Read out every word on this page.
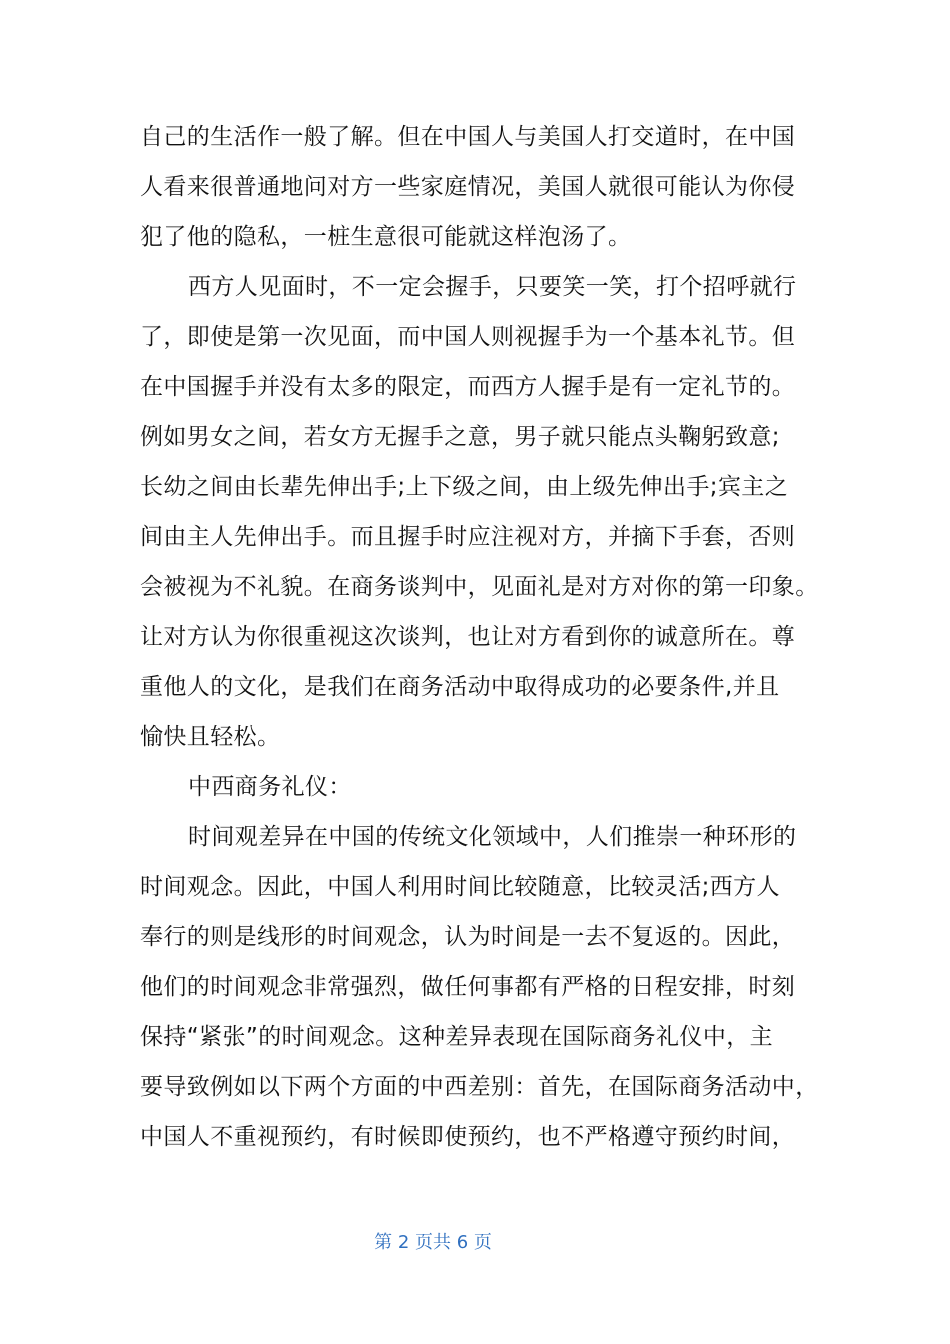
自己的生活作一般了解。但在中国人与美国人打交道时，在中国
人看来很普通地问对方一些家庭情况，美国人就很可能认为你侵
犯了他的隐私，一桩生意很可能就这样泡汤了。
西方人见面时，不一定会握手，只要笑一笑，打个招呼就行
了，即使是第一次见面，而中国人则视握手为一个基本礼节。但
在中国握手并没有太多的限定，而西方人握手是有一定礼节的。
例如男女之间，若女方无握手之意，男子就只能点头鞠躬致意;
长幼之间由长辈先伸出手;上下级之间，由上级先伸出手;宾主之
间由主人先伸出手。而且握手时应注视对方，并摘下手套，否则
会被视为不礼貌。在商务谈判中，见面礼是对方对你的第一印象。
让对方认为你很重视这次谈判，也让对方看到你的诚意所在。尊
重他人的文化，是我们在商务活动中取得成功的必要条件,并且
愉快且轻松。
中西商务礼仪：
时间观差异在中国的传统文化领域中，人们推崇一种环形的
时间观念。因此，中国人利用时间比较随意，比较灵活;西方人
奉行的则是线形的时间观念，认为时间是一去不复返的。因此，
他们的时间观念非常强烈，做任何事都有严格的日程安排，时刻
保持“紧张”的时间观念。这种差异表现在国际商务礼仪中，主
要导致例如以下两个方面的中西差别：首先，在国际商务活动中，
中国人不重视预约，有时候即使预约，也不严格遵守预约时间，
第 2 页共 6 页
